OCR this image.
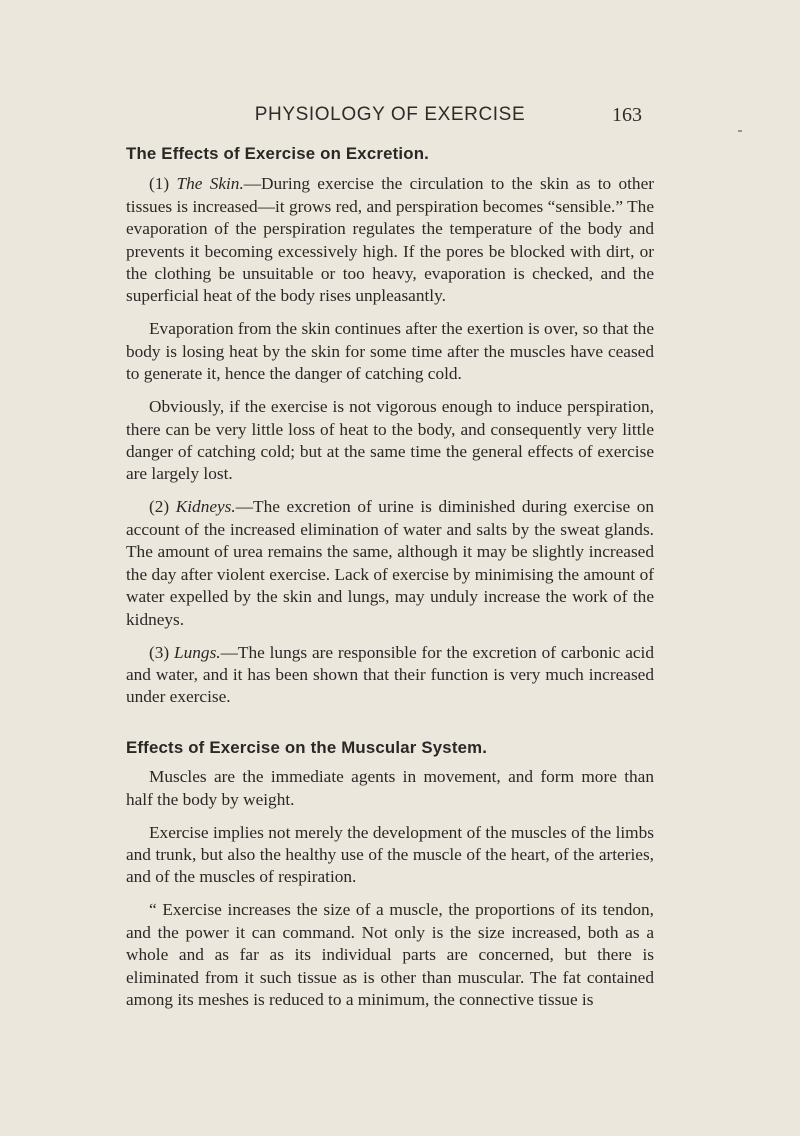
PHYSIOLOGY OF EXERCISE	163
The Effects of Exercise on Excretion.

(1) The Skin.—During exercise the circulation to the skin as to other tissues is increased—it grows red, and perspiration becomes “sensible.” The evaporation of the perspiration regulates the temperature of the body and prevents it becoming excessively high. If the pores be blocked with dirt, or the clothing be unsuitable or too heavy, evaporation is checked, and the superficial heat of the body rises unpleasantly.

Evaporation from the skin continues after the exertion is over, so that the body is losing heat by the skin for some time after the muscles have ceased to generate it, hence the danger of catching cold.

Obviously, if the exercise is not vigorous enough to induce perspiration, there can be very little loss of heat to the body, and consequently very little danger of catching cold; but at the same time the general effects of exercise are largely lost.

(2) Kidneys.—The excretion of urine is diminished during exercise on account of the increased elimination of water and salts by the sweat glands. The amount of urea remains the same, although it may be slightly increased the day after violent exercise. Lack of exercise by minimising the amount of water expelled by the skin and lungs, may unduly increase the work of the kidneys.

(3) Lungs.—The lungs are responsible for the excretion of carbonic acid and water, and it has been shown that their function is very much increased under exercise.

Effects of Exercise on the Muscular System.

Muscles are the immediate agents in movement, and form more than half the body by weight.

Exercise implies not merely the development of the muscles of the limbs and trunk, but also the healthy use of the muscle of the heart, of the arteries, and of the muscles of respiration.

“ Exercise increases the size of a muscle, the proportions of its tendon, and the power it can command. Not only is the size increased, both as a whole and as far as its individual parts are concerned, but there is eliminated from it such tissue as is other than muscular. The fat contained among its meshes is reduced to a minimum, the connective tissue is
